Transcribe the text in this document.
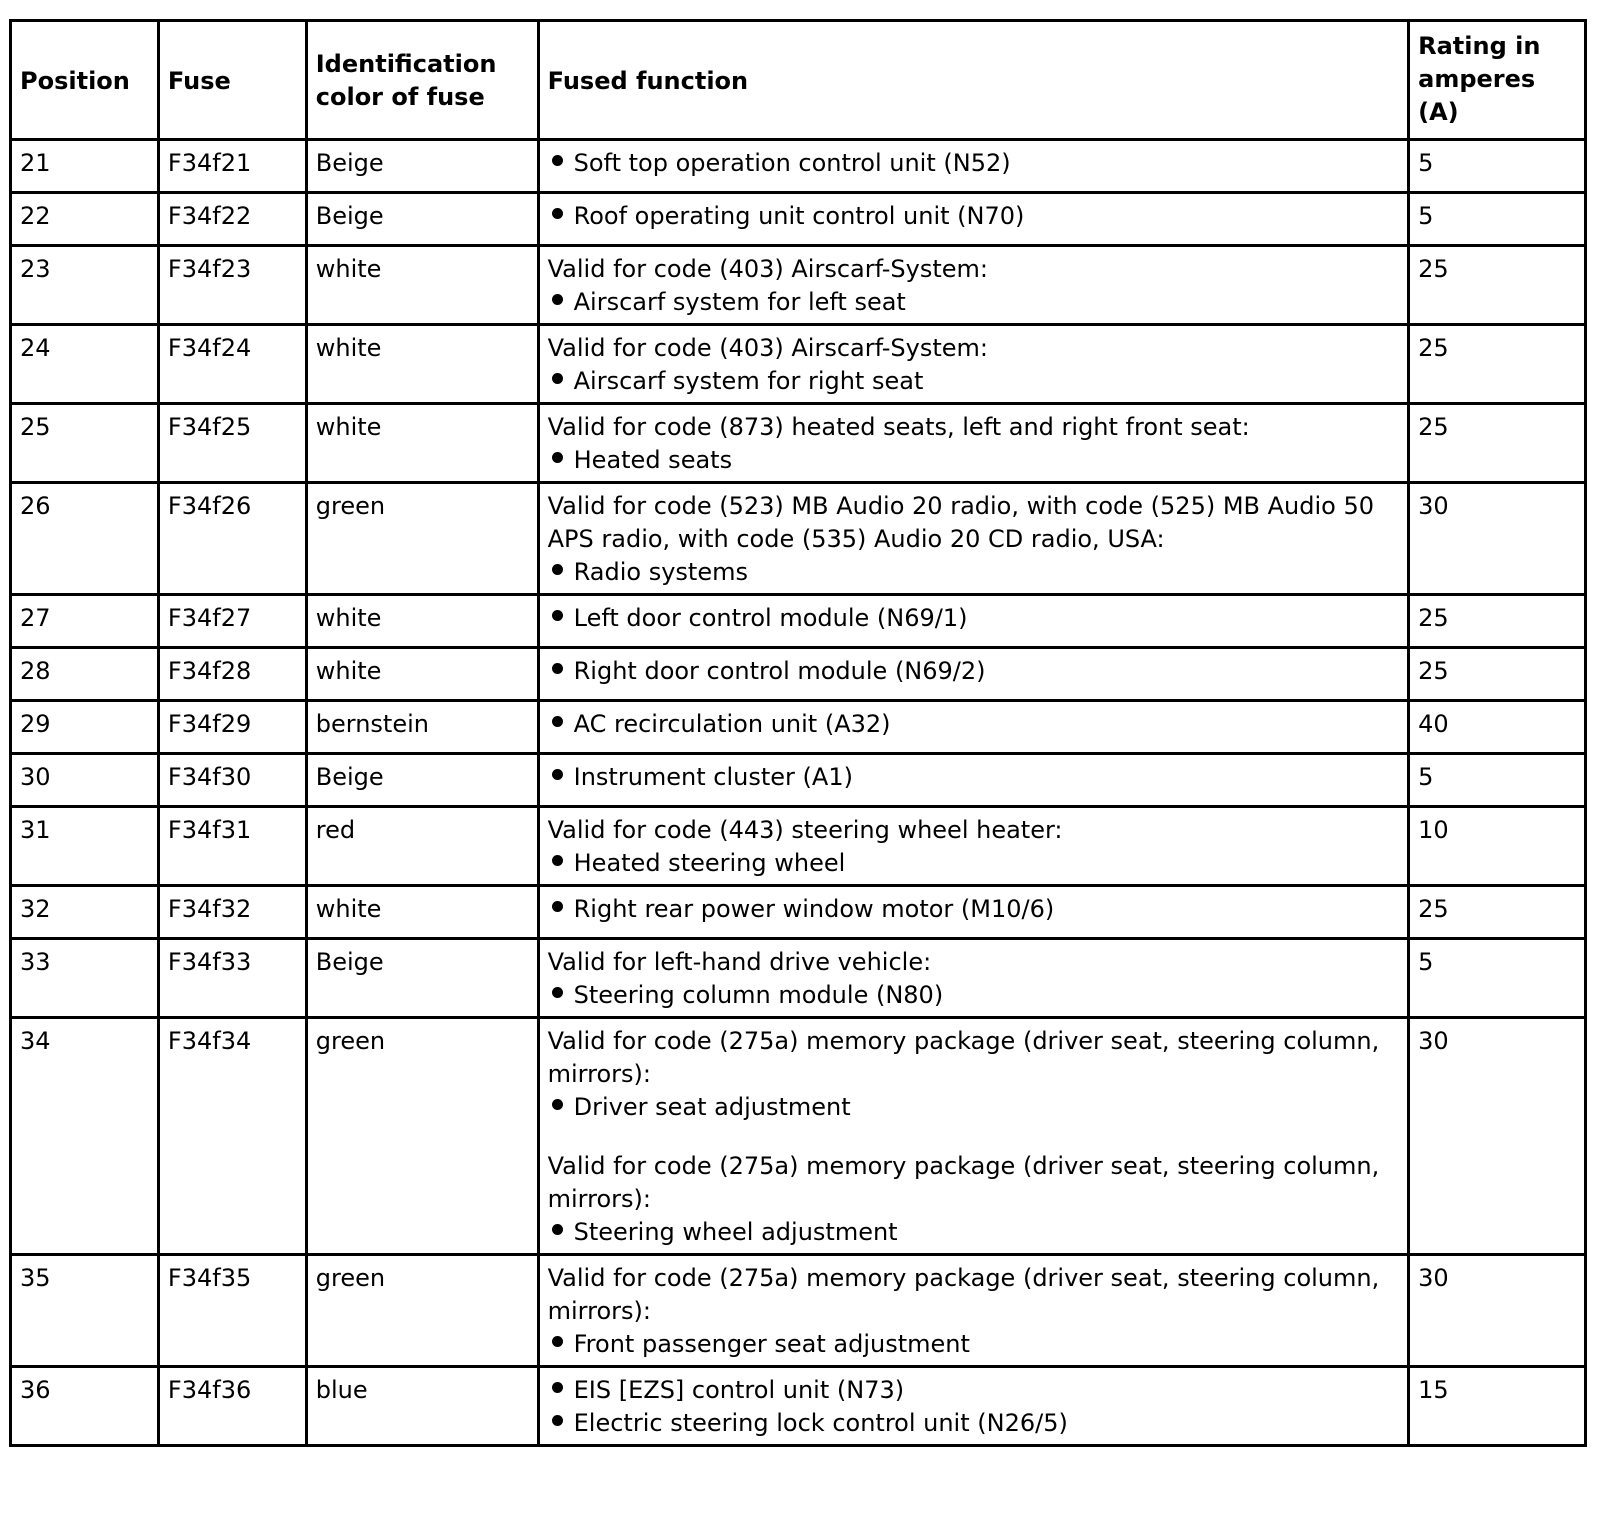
Position	Fuse	Identification color of fuse	Fused function	Rating in amperes (A)
21	F34f21	Beige	Soft top operation control unit (N52)	5
22	F34f22	Beige	Roof operating unit control unit (N70)	5
23	F34f23	white	Valid for code (403) Airscarf-System:
Airscarf system for left seat	25
24	F34f24	white	Valid for code (403) Airscarf-System:
Airscarf system for right seat	25
25	F34f25	white	Valid for code (873) heated seats, left and right front seat:
Heated seats	25
26	F34f26	green	Valid for code (523) MB Audio 20 radio, with code (525) MB Audio 50 APS radio, with code (535) Audio 20 CD radio, USA:
Radio systems	30
27	F34f27	white	Left door control module (N69/1)	25
28	F34f28	white	Right door control module (N69/2)	25
29	F34f29	bernstein	AC recirculation unit (A32)	40
30	F34f30	Beige	Instrument cluster (A1)	5
31	F34f31	red	Valid for code (443) steering wheel heater:
Heated steering wheel	10
32	F34f32	white	Right rear power window motor (M10/6)	25
33	F34f33	Beige	Valid for left-hand drive vehicle:
Steering column module (N80)	5
34	F34f34	green	Valid for code (275a) memory package (driver seat, steering column, mirrors):
Driver seat adjustment
Valid for code (275a) memory package (driver seat, steering column, mirrors):
Steering wheel adjustment	30
35	F34f35	green	Valid for code (275a) memory package (driver seat, steering column, mirrors):
Front passenger seat adjustment	30
36	F34f36	blue	EIS [EZS] control unit (N73)
Electric steering lock control unit (N26/5)	15
